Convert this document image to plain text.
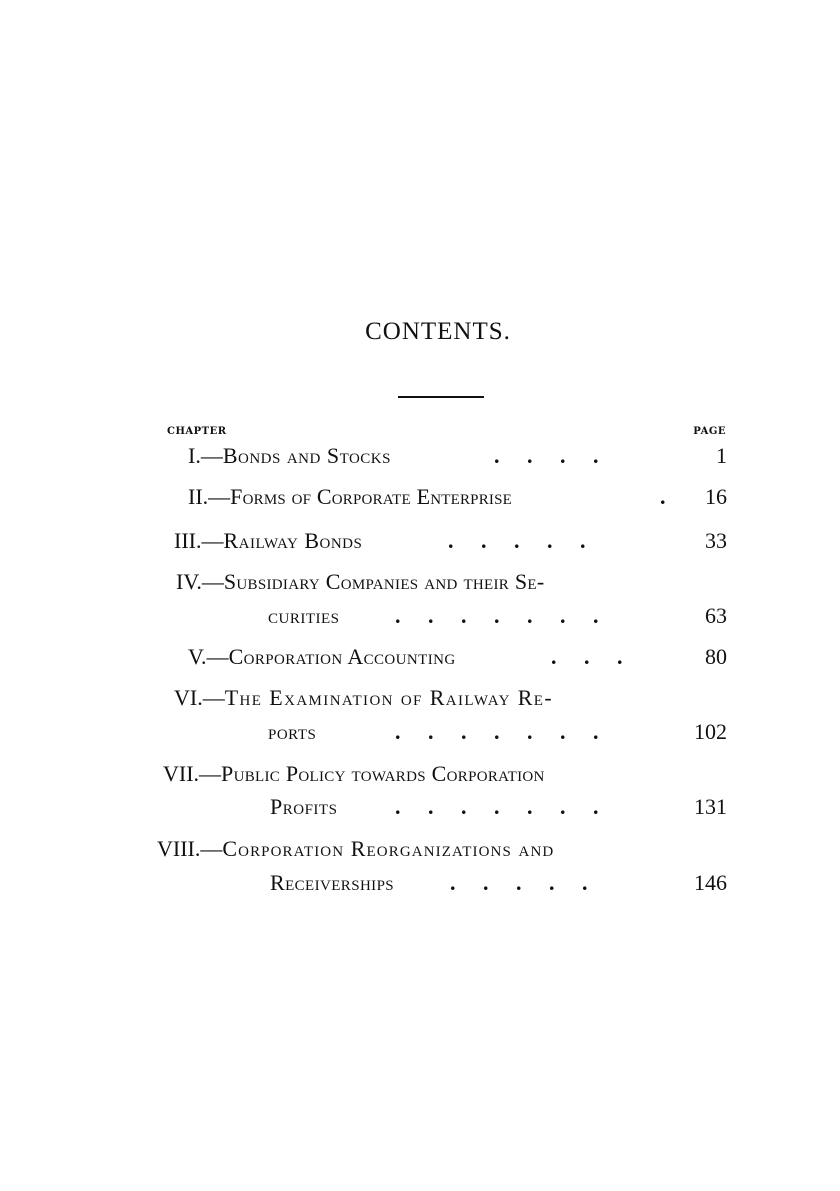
CONTENTS.
CHAPTER	PAGE
I.—Bonds and Stocks	.     .     .     .	1
II.—Forms of Corporate Enterprise	. 16
III.—Railway Bonds	.     .     .     .     .	33
IV.—Subsidiary Companies and their Se-
curities	.     .     .     .     .     .     .	63
V.—Corporation Accounting	.     .     .	80
VI.—The Examination of Railway Re-
ports	.     .     .     .     .     .     .	102
VII.—Public Policy towards Corporation
Profits	.     .     .     .     .     .     .	131
VIII.—Corporation Reorganizations and
Receiverships	.     .     .     .     .	146
